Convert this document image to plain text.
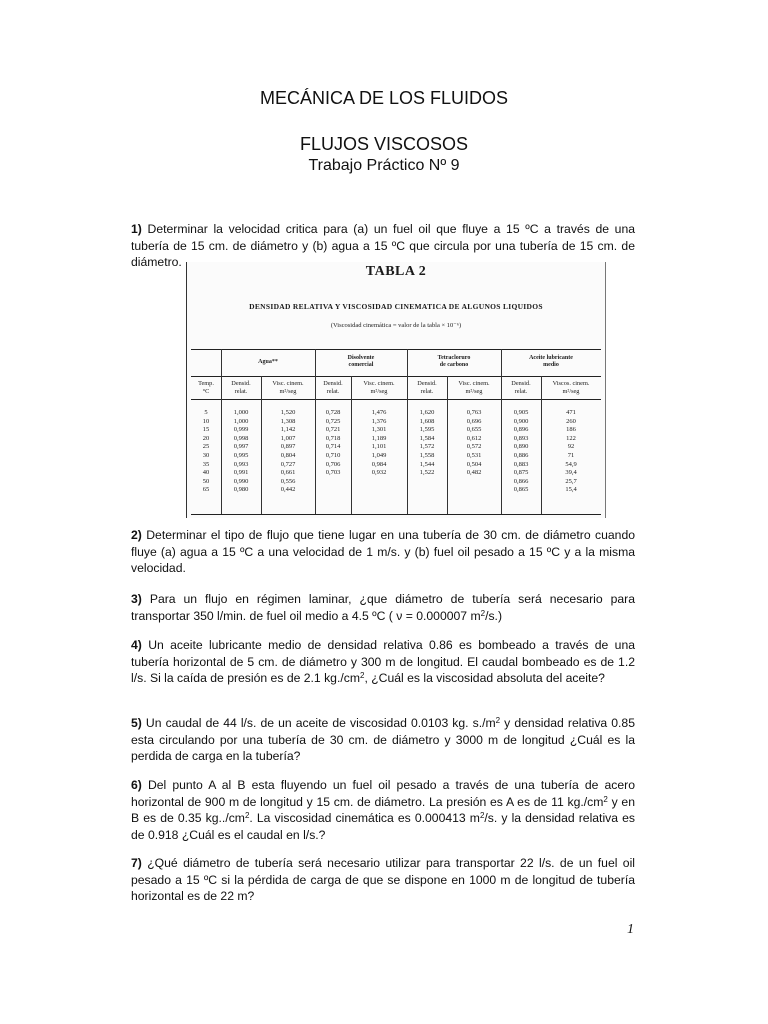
MECÁNICA DE LOS FLUIDOS
FLUJOS VISCOSOS
Trabajo Práctico Nº 9

1) Determinar la velocidad critica para (a) un fuel oil que fluye a 15 ºC a través de una tubería de 15 cm. de diámetro y (b) agua a 15 ºC que circula por una tubería de 15 cm. de diámetro.

TABLA 2
DENSIDAD RELATIVA Y VISCOSIDAD CINEMATICA DE ALGUNOS LIQUIDOS
(Viscosidad cinemática = valor de la tabla × 10⁻⁶)
Agua**
Disolvente
comercial
Tetracloruro
de carbono
Aceite lubricante
medio
Temp.
°C
Densid.
relat.
Visc. cinem.
m²/seg
Densid.
relat.
Visc. cinem.
m²/seg
Densid.
relat.
Visc. cinem.
m²/seg
Densid.
relat.
Viscos. cinem.
m²/seg
5
10
15
20
25
30
35
40
50
65
1,000
1,000
0,999
0,998
0,997
0,995
0,993
0,991
0,990
0,980
1,520
1,308
1,142
1,007
0,897
0,804
0,727
0,661
0,556
0,442
0,728
0,725
0,721
0,718
0,714
0,710
0,706
0,703
1,476
1,376
1,301
1,189
1,101
1,049
0,984
0,932
1,620
1,608
1,595
1,584
1,572
1,558
1,544
1,522
0,763
0,696
0,655
0,612
0,572
0,531
0,504
0,482
0,905
0,900
0,896
0,893
0,890
0,886
0,883
0,875
0,866
0,865
471
260
186
122
92
71
54,9
39,4
25,7
15,4

2) Determinar el tipo de flujo que tiene lugar en una tubería de 30 cm. de diámetro cuando fluye (a) agua a 15 ºC a una velocidad de 1 m/s. y (b) fuel oil pesado a 15 ºC y a la misma velocidad.

3) Para un flujo en régimen laminar, ¿que diámetro de tubería será necesario para transportar 350 l/min. de fuel oil medio a 4.5 ºC ( ν = 0.000007 $m^2/s$.)

4) Un aceite lubricante medio de densidad relativa 0.86 es bombeado a través de una tubería horizontal de 5 cm. de diámetro y 300 m de longitud. El caudal bombeado es de 1.2 l/s. Si la caída de presión es de 2.1 $kg./cm^2$, ¿Cuál es la viscosidad absoluta del aceite?

5) Un caudal de 44 l/s. de un aceite de viscosidad 0.0103 kg. $s./m^2$ y densidad relativa 0.85 esta circulando por una tubería de 30 cm. de diámetro y 3000 m de longitud ¿Cuál es la perdida de carga en la tubería?

6) Del punto A al B esta fluyendo un fuel oil pesado a través de una tubería de acero horizontal de 900 m de longitud y 15 cm. de diámetro. La presión es A es de 11 $kg./cm^2$ y en B es de 0.35 $kg../cm^2$. La viscosidad cinemática es 0.000413 $m^2/s$. y la densidad relativa es de 0.918 ¿Cuál es el caudal en l/s.?

7) ¿Qué diámetro de tubería será necesario utilizar para transportar 22 l/s. de un fuel oil pesado a 15 ºC si la pérdida de carga de que se dispone en 1000 m de longitud de tubería horizontal es de 22 m?

1
